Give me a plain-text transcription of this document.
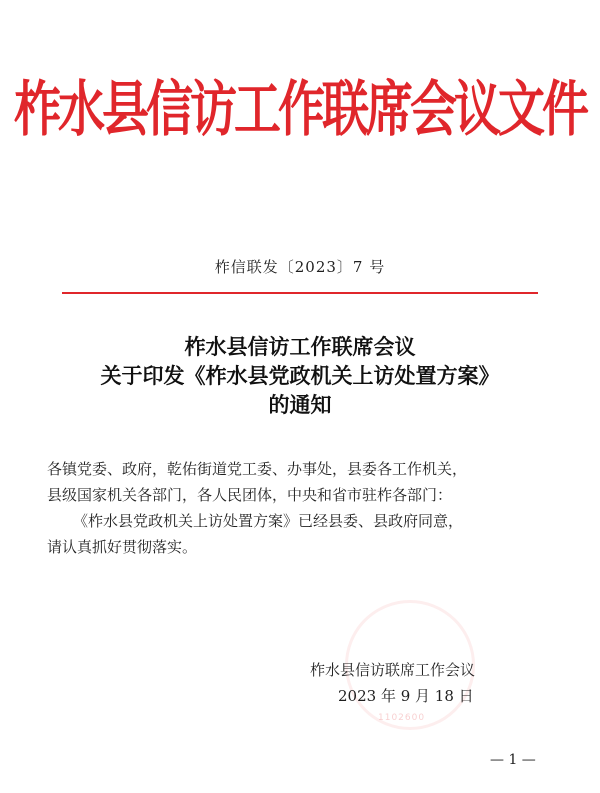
柞水县信访工作联席会议文件
柞信联发〔2023〕7 号
柞水县信访工作联席会议
关于印发《柞水县党政机关上访处置方案》
的通知
各镇党委、政府，乾佑街道党工委、办事处，县委各工作机关，
县级国家机关各部门，各人民团体，中央和省市驻柞各部门：
《柞水县党政机关上访处置方案》已经县委、县政府同意，
请认真抓好贯彻落实。
1102600
柞水县信访联席工作会议
2023 年 9 月 18 日
— 1 —
